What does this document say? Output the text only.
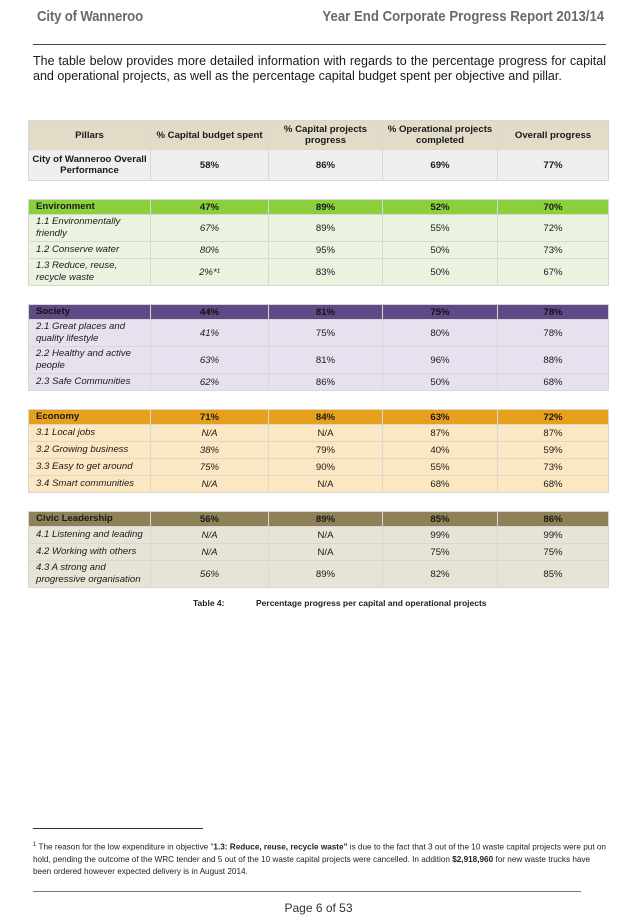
City of Wanneroo	Year End Corporate Progress Report 2013/14
The table below provides more detailed information with regards to the percentage progress for capital and operational projects, as well as the percentage capital budget spent per objective and pillar.
Pillars	% Capital budget spent	% Capital projects progress	% Operational projects completed	Overall progress
City of Wanneroo Overall Performance	58%	86%	69%	77%

Environment	47%	89%	52%	70%
1.1 Environmentally friendly	67%	89%	55%	72%
1.2 Conserve water	80%	95%	50%	73%
1.3 Reduce, reuse, recycle waste	2%*¹	83%	50%	67%

Society	44%	81%	75%	78%
2.1 Great places and quality lifestyle	41%	75%	80%	78%
2.2 Healthy and active people	63%	81%	96%	88%
2.3 Safe Communities	62%	86%	50%	68%

Economy	71%	84%	63%	72%
3.1 Local jobs	N/A	N/A	87%	87%
3.2 Growing business	38%	79%	40%	59%
3.3 Easy to get around	75%	90%	55%	73%
3.4 Smart communities	N/A	N/A	68%	68%

Civic Leadership	56%	89%	85%	86%
4.1 Listening and leading	N/A	N/A	99%	99%
4.2 Working with others	N/A	N/A	75%	75%
4.3 A strong and progressive organisation	56%	89%	82%	85%
Table 4:	Percentage progress per capital and operational projects
$^1$ The reason for the low expenditure in objective "1.3: Reduce, reuse, recycle waste" is due to the fact that 3 out of the 10 waste capital projects were put on hold, pending the outcome of the WRC tender and 5 out of the 10 waste capital projects were cancelled. In addition $2,918,960 for new waste trucks have been ordered however expected delivery is in August 2014.
Page 6 of 53
